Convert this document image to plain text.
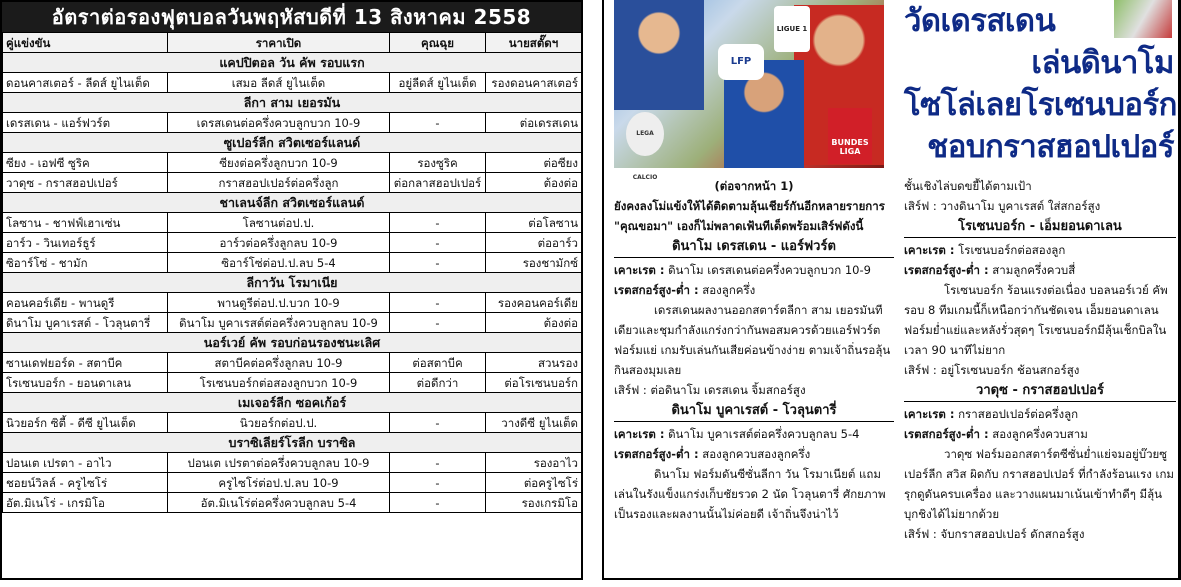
อัตราต่อรองฟุตบอลวันพฤหัสบดีที่ 13 สิงหาคม 2558
คู่แข่งขัน	ราคาเปิด	คุณฉุย	นายสตั๊ดฯ
แคปปิตอล วัน คัพ รอบแรก			
ดอนคาสเตอร์ - ลีดส์ ยูไนเต็ด	เสมอ ลีดส์ ยูไนเต็ด	อยู่ลีดส์ ยูไนเต็ด	รองดอนคาสเตอร์
ลีกา สาม เยอรมัน			
เดรสเดน - แอร์ฟวร์ต	เดรสเดนต่อครึ่งควบลูกบวก 10-9	-	ต่อเดรสเดน
ซูเปอร์ลีก สวิตเซอร์แลนด์			
ซียง - เอฟซี ซูริค	ซียงต่อครึ่งลูกบวก 10-9	รองซูริค	ต่อซียง
วาดุซ - กราสฮอปเปอร์	กราสฮอปเปอร์ต่อครึ่งลูก	ต่อกลาสฮอปเปอร์	ต้องต่อ
ชาเลนจ์ลีก สวิตเซอร์แลนด์			
โลซาน - ชาฟฟ์เฮาเซ่น	โลซานต่อป.ป.	-	ต่อโลซาน
อาร์ว - วินเทอร์ธูร์	อาร์วต่อครึ่งลูกลบ 10-9	-	ต่ออาร์ว
ซิอาร์โซ่ - ชามัก	ซิอาร์โซ่ต่อป.ป.ลบ 5-4	-	รองชามักซ์
ลีกาวัน โรมาเนีย			
คอนคอร์เดีย - พานดูรี	พานดูรีต่อป.ป.บวก 10-9	-	รองคอนคอร์เดีย
ดินาโม บูคาเรสต์ - โวลุนตารี่	ดินาโม บูคาเรสต์ต่อครึ่งควบลูกลบ 10-9	-	ต้องต่อ
นอร์เวย์ คัพ รอบก่อนรองชนะเลิศ			
ซานเดฟยอร์ด - สตาบีค	สตาบีคต่อครึ่งลูกลบ 10-9	ต่อสตาบีค	สวนรอง
โรเซนบอร์ก - ยอนดาเลน	โรเซนบอร์กต่อสองลูกบวก 10-9	ต่อดีกว่า	ต่อโรเซนบอร์ก
เมเจอร์ลีก ซอคเก้อร์			
นิวยอร์ก ซิตี้ - ดีซี ยูไนเต็ด	นิวยอร์กต่อป.ป.	-	วางดีซี ยูไนเต็ด
บราซิเลียร์โรลีก บราซิล			
ปอนเต เปรตา - อาไว	ปอนเต เปรตาต่อครึ่งควบลูกลบ 10-9	-	รองอาไว
ชอยน์วิลล์ - ครูไซโร่	ครูไซโร่ต่อป.ป.ลบ 10-9	-	ต่อครูไซโร่
อัต.มิเนโร่ - เกรมิโอ	อัต.มิเนโร่ต่อครึ่งควบลูกลบ 5-4	-	รองเกรมิโอ
LFP
LIGUE 1
BUNDES LIGA
LEGA CALCIO
วัดเดรสเดน
เล่นดินาโม
โซโล่เลยโรเซนบอร์ก
ชอบกราสฮอปเปอร์

(ต่อจากหน้า 1)

ยังคงลงโม่แข้งให้ได้ติดตามลุ้นเชียร์กันอีกหลายรายการ "คุณขอมา" เองก็ไม่พลาดเฟ้นทีเด็ดพร้อมเสิร์ฟดังนี้

ดินาโม เดรสเดน - แอร์ฟวร์ต

เคาะเรต : ดินาโม เดรสเดนต่อครึ่งควบลูกบวก 10-9

เรตสกอร์สูง-ต่ำ : สองลูกครึ่ง

เดรสเดนผลงานออกสตาร์ตลีกา สาม เยอรมันทีเดียวและชุมกำลังแกร่งกว่ากันพอสมควรด้วยแอร์ฟวร์ตฟอร์มแย่ เกมรับเล่นกันเสียค่อนข้างง่าย ตามเจ้าถิ่นรอลุ้นกินสองมุมเลย

เสิร์ฟ : ต่อดินาโม เดรสเดน จิ้มสกอร์สูง

ดินาโม บูคาเรสต์ - โวลุนตารี่

เคาะเรต : ดินาโม บูคาเรสต์ต่อครึ่งควบลูกลบ 5-4

เรตสกอร์สูง-ต่ำ : สองลูกควบสองลูกครึ่ง

ดินาโม ฟอร์มดันซีซั่นลีกา วัน โรมาเนียต์ แถมเล่นในรังแข็งแกร่งเก็บชัยรวด 2 นัด โวลุนตารี่ ศักยภาพเป็นรองและผลงานนั้นไม่ค่อยดี เจ้าถิ่นจึงน่าไว้

ชั้นเชิงไล่บดขยี้ได้ตามเป้า

เสิร์ฟ : วางดินาโม บูคาเรสต์ ใส่สกอร์สูง

โรเซนบอร์ก - เอ็มยอนดาเลน

เคาะเรต : โรเซนบอร์กต่อสองลูก

เรตสกอร์สูง-ต่ำ : สามลูกครึ่งควบสี่

โรเซนบอร์ก ร้อนแรงต่อเนื่อง บอลนอร์เวย์ คัพ รอบ 8 ทีมเกมนี้ก็เหนือกว่ากันชัดเจน เอ็มยอนดาเลน ฟอร์มย่ำแย่และหลังรั่วสุดๆ โรเซนบอร์กมีลุ้นเช็กบิลในเวลา 90 นาทีไม่ยาก

เสิร์ฟ : อยู่โรเซนบอร์ก ช้อนสกอร์สูง

วาดุซ - กราสฮอปเปอร์

เคาะเรต : กราสฮอปเปอร์ต่อครึ่งลูก

เรตสกอร์สูง-ต่ำ : สองลูกครึ่งควบสาม

วาดุซ ฟอร์มออกสตาร์ตซีซั่นย่ำแย่จมอยู่บ๊วยซูเปอร์ลีก สวิส ผิดกับ กราสฮอปเปอร์ ที่กำลังร้อนแรง เกมรุกดูดันครบเครื่อง และวางแผนมาเน้นเข้าทำดีๆ มีลุ้นบุกชิงได้ไม่ยากด้วย

เสิร์ฟ : จับกราสฮอปเปอร์ ดักสกอร์สูง
